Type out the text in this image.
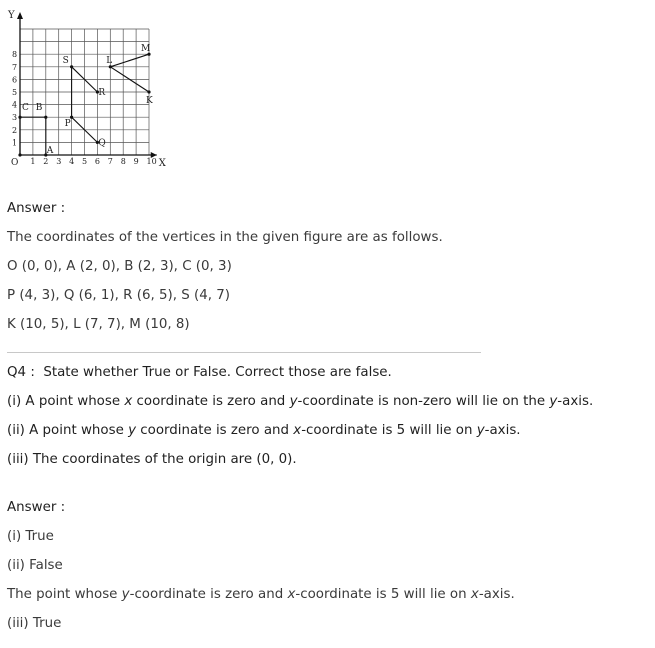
Y
X
O 1 2 3 4 5 6 7 8 9 10
1
2
3
4
5
6
7
8
A
B
C
P
Q
R
S
K
L
M
Answer :
The coordinates of the vertices in the given figure are as follows.
O (0, 0), A (2, 0), B (2, 3), C (0, 3)
P (4, 3), Q (6, 1), R (6, 5), S (4, 7)
K (10, 5), L (7, 7), M (10, 8)
Q4 : State whether True or False. Correct those are false.
(i) A point whose x coordinate is zero and y-coordinate is non-zero will lie on the y-axis.
(ii) A point whose y coordinate is zero and x-coordinate is 5 will lie on y-axis.
(iii) The coordinates of the origin are (0, 0).
Answer :
(i) True
(ii) False
The point whose y-coordinate is zero and x-coordinate is 5 will lie on x-axis.
(iii) True
